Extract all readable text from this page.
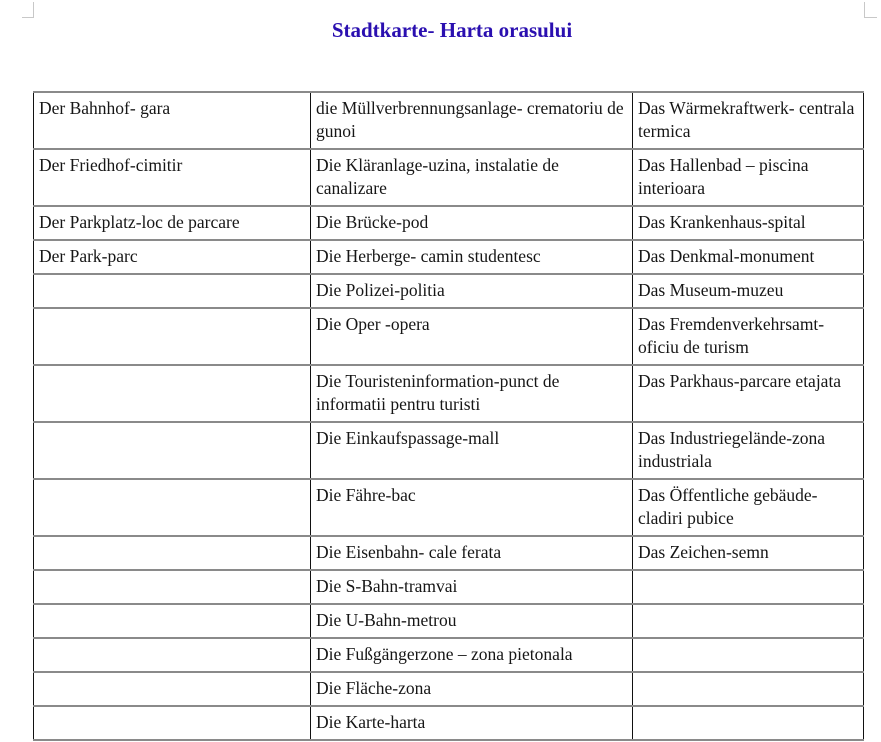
Stadtkarte- Harta orasului
Der Bahnhof- gara	die Müllverbrennungsanlage- crematoriu de gunoi	Das Wärmekraftwerk- centrala termica
Der Friedhof-cimitir	Die Kläranlage-uzina, instalatie de canalizare	Das Hallenbad – piscina interioara
Der Parkplatz-loc de parcare	Die Brücke-pod	Das Krankenhaus-spital
Der Park-parc	Die Herberge- camin studentesc	Das Denkmal-monument
	Die Polizei-politia	Das Museum-muzeu
	Die Oper -opera	Das Fremdenverkehrsamt- oficiu de turism
	Die Touristeninformation-punct de informatii pentru turisti	Das Parkhaus-parcare etajata
	Die Einkaufspassage-mall	Das Industriegelände-zona industriala
	Die Fähre-bac	Das Öffentliche gebäude- cladiri pubice
	Die Eisenbahn- cale ferata	Das Zeichen-semn
	Die S-Bahn-tramvai	
	Die U-Bahn-metrou	
	Die Fußgängerzone – zona pietonala	
	Die Fläche-zona	
	Die Karte-harta	
